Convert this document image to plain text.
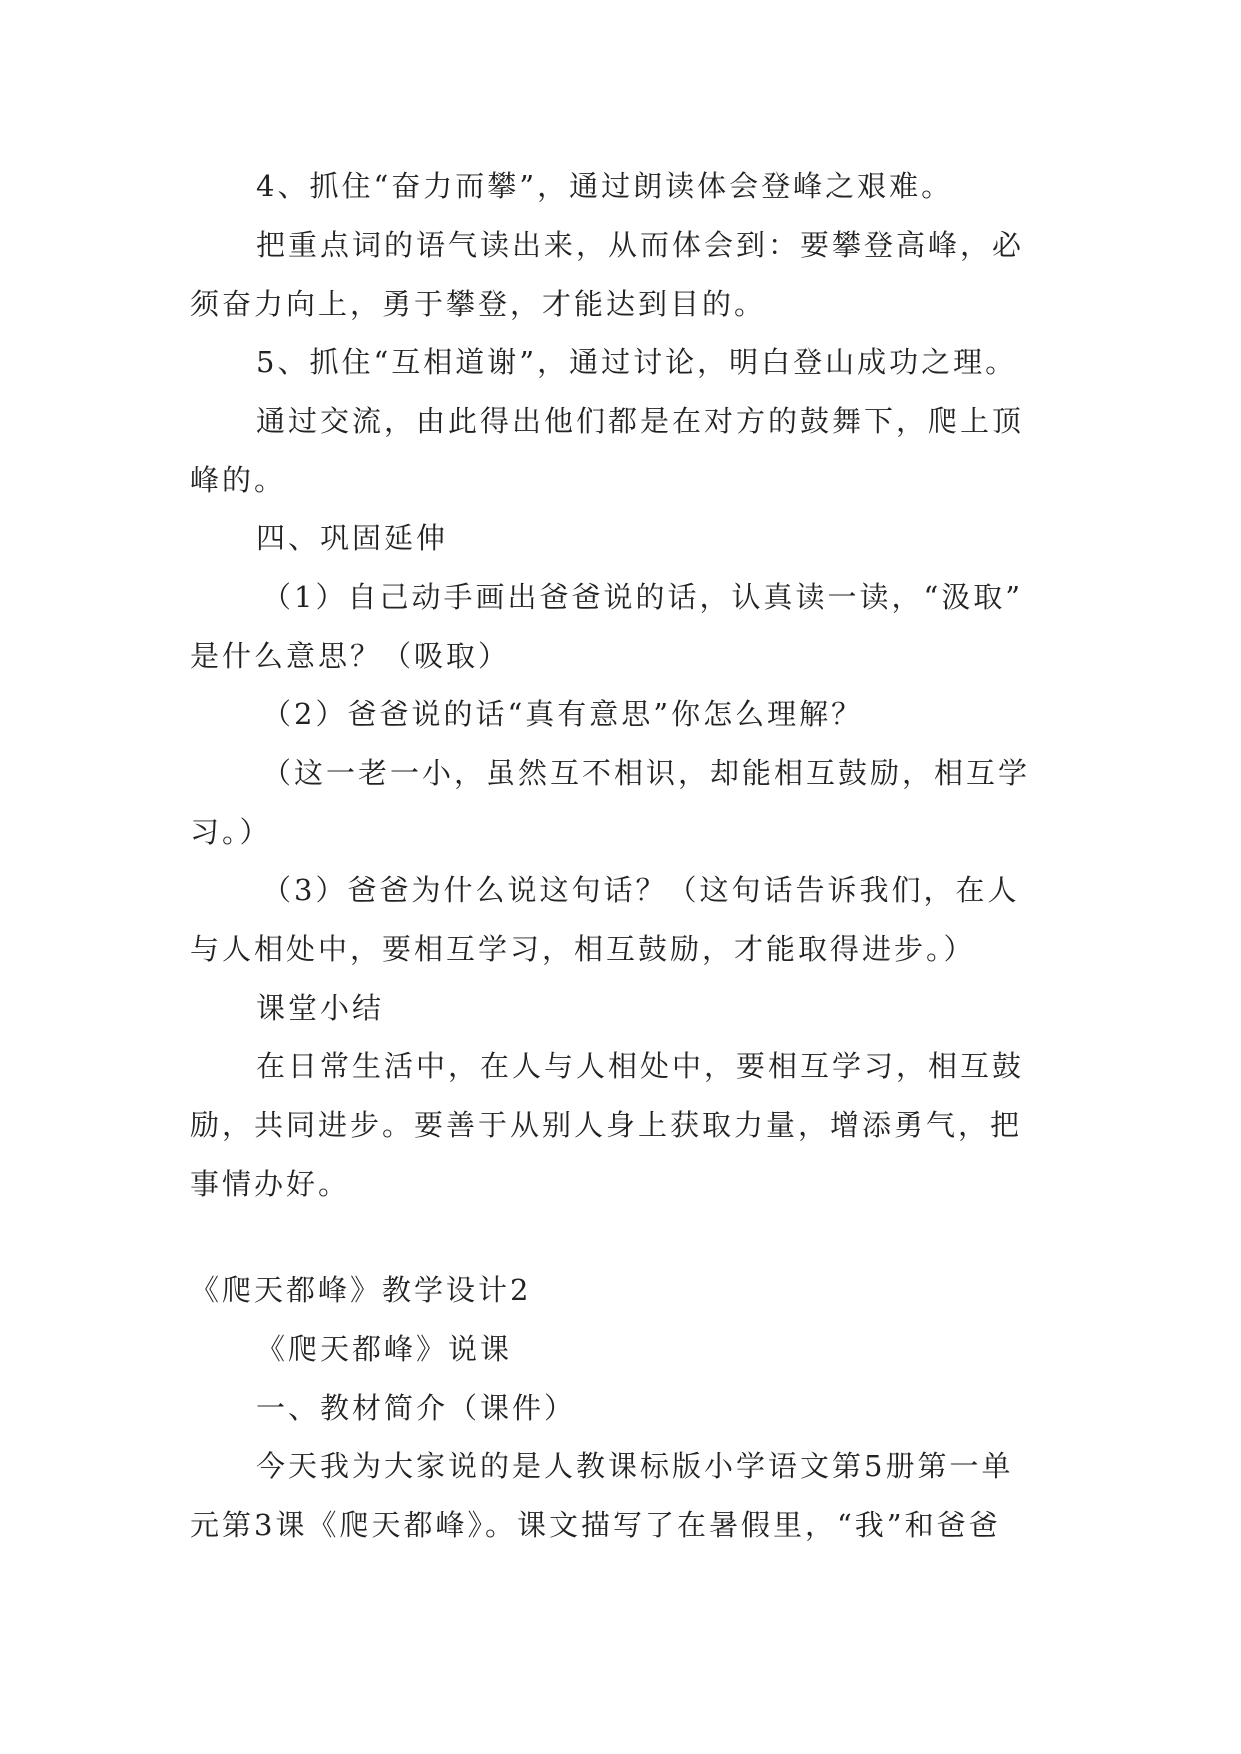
4、抓住“奋力而攀”，通过朗读体会登峰之艰难。
把重点词的语气读出来，从而体会到：要攀登高峰，必
须奋力向上，勇于攀登，才能达到目的。
5、抓住“互相道谢”，通过讨论，明白登山成功之理。
通过交流，由此得出他们都是在对方的鼓舞下，爬上顶
峰的。
四、巩固延伸
（1）自己动手画出爸爸说的话，认真读一读，“汲取”
是什么意思？（吸取）
（2）爸爸说的话“真有意思”你怎么理解？
（这一老一小，虽然互不相识，却能相互鼓励，相互学
习。）
（3）爸爸为什么说这句话？（这句话告诉我们，在人
与人相处中，要相互学习，相互鼓励，才能取得进步。）
课堂小结
在日常生活中，在人与人相处中，要相互学习，相互鼓
励，共同进步。要善于从别人身上获取力量，增添勇气，把
事情办好。
《爬天都峰》教学设计2
《爬天都峰》说课
一、教材简介（课件）
今天我为大家说的是人教课标版小学语文第5册第一单
元第3课《爬天都峰》。课文描写了在暑假里，“我”和爸爸
